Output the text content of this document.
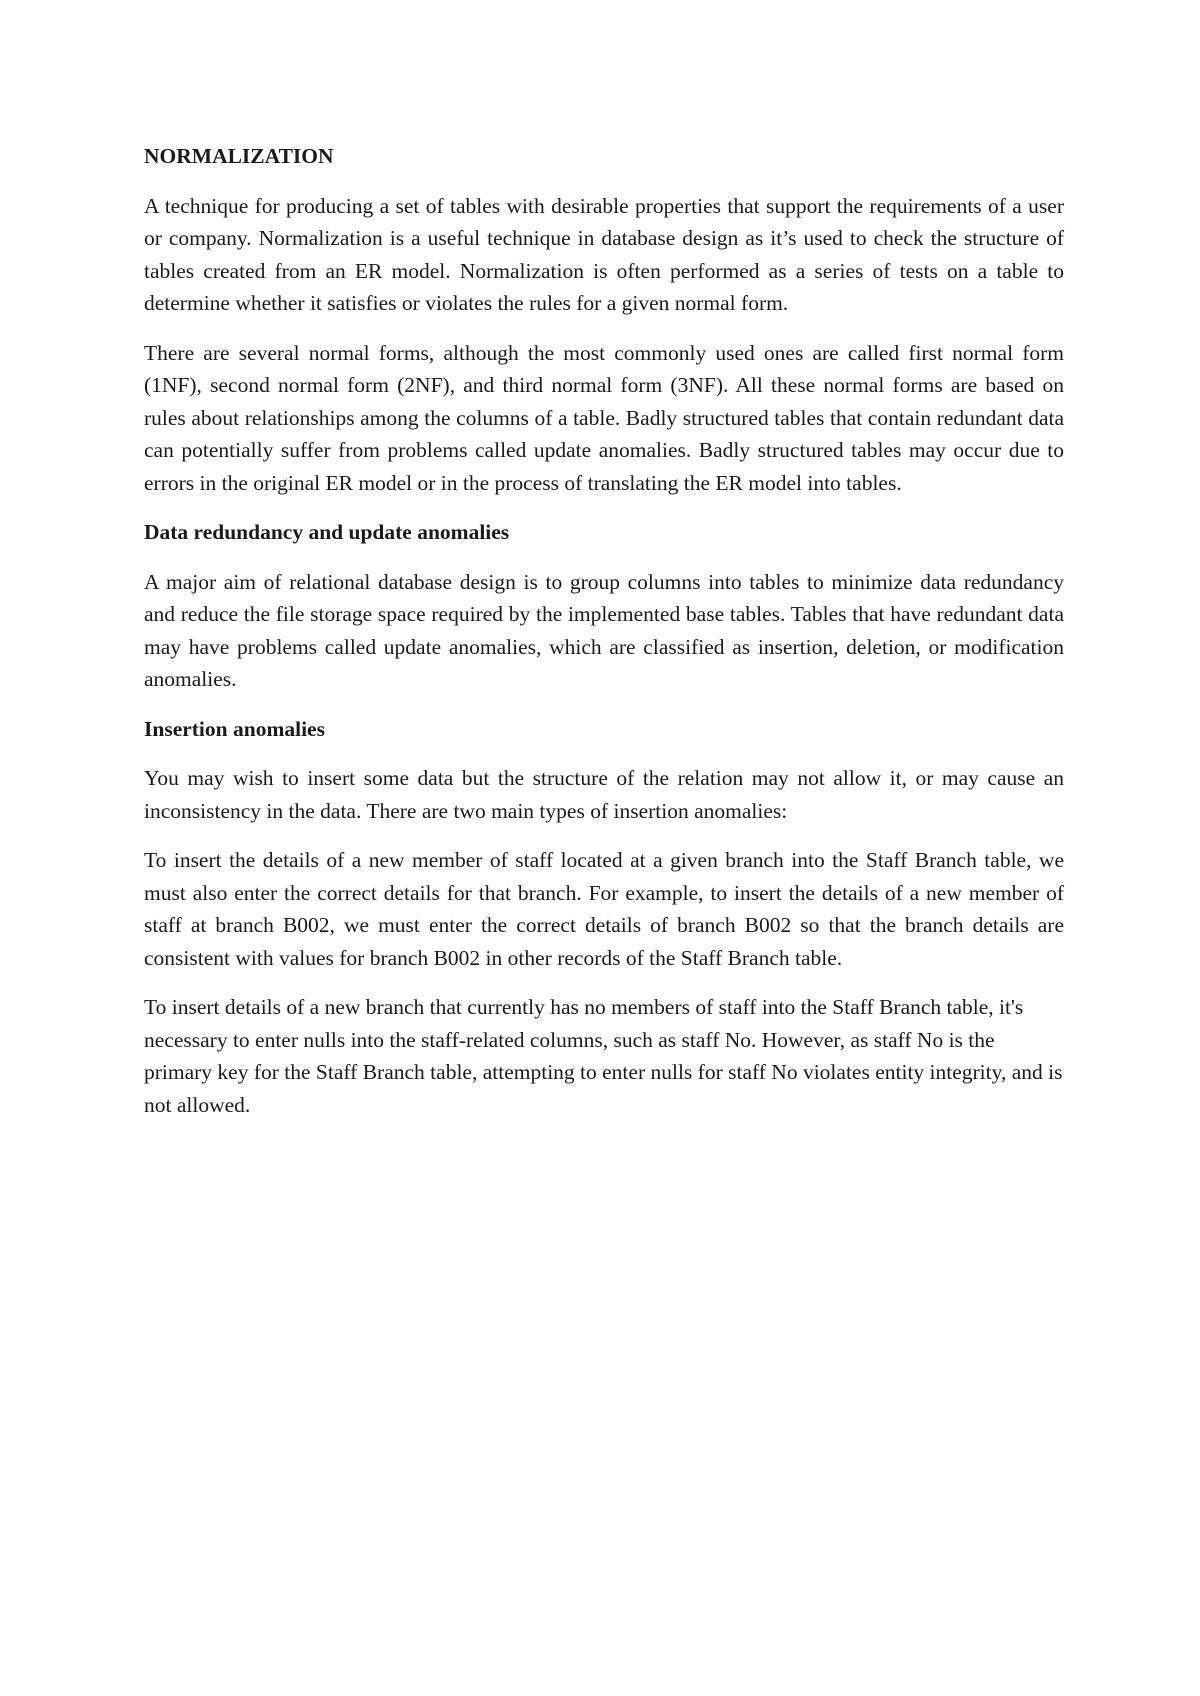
NORMALIZATION

A technique for producing a set of tables with desirable properties that support the requirements of a user or company. Normalization is a useful technique in database design as it’s used to check the structure of tables created from an ER model. Normalization is often performed as a series of tests on a table to determine whether it satisfies or violates the rules for a given normal form.

There are several normal forms, although the most commonly used ones are called first normal form (1NF), second normal form (2NF), and third normal form (3NF). All these normal forms are based on rules about relationships among the columns of a table. Badly structured tables that contain redundant data can potentially suffer from problems called update anomalies. Badly structured tables may occur due to errors in the original ER model or in the process of translating the ER model into tables.

Data redundancy and update anomalies

A major aim of relational database design is to group columns into tables to minimize data redundancy and reduce the file storage space required by the implemented base tables. Tables that have redundant data may have problems called update anomalies, which are classified as insertion, deletion, or modification anomalies.

Insertion anomalies

You may wish to insert some data but the structure of the relation may not allow it, or may cause an inconsistency in the data. There are two main types of insertion anomalies:

To insert the details of a new member of staff located at a given branch into the Staff Branch table, we must also enter the correct details for that branch. For example, to insert the details of a new member of staff at branch B002, we must enter the correct details of branch B002 so that the branch details are consistent with values for branch B002 in other records of the Staff Branch table.

To insert details of a new branch that currently has no members of staff into the Staff Branch table, it's necessary to enter nulls into the staff-related columns, such as staff No. However, as staff No is the primary key for the Staff Branch table, attempting to enter nulls for staff No violates entity integrity, and is not allowed.
